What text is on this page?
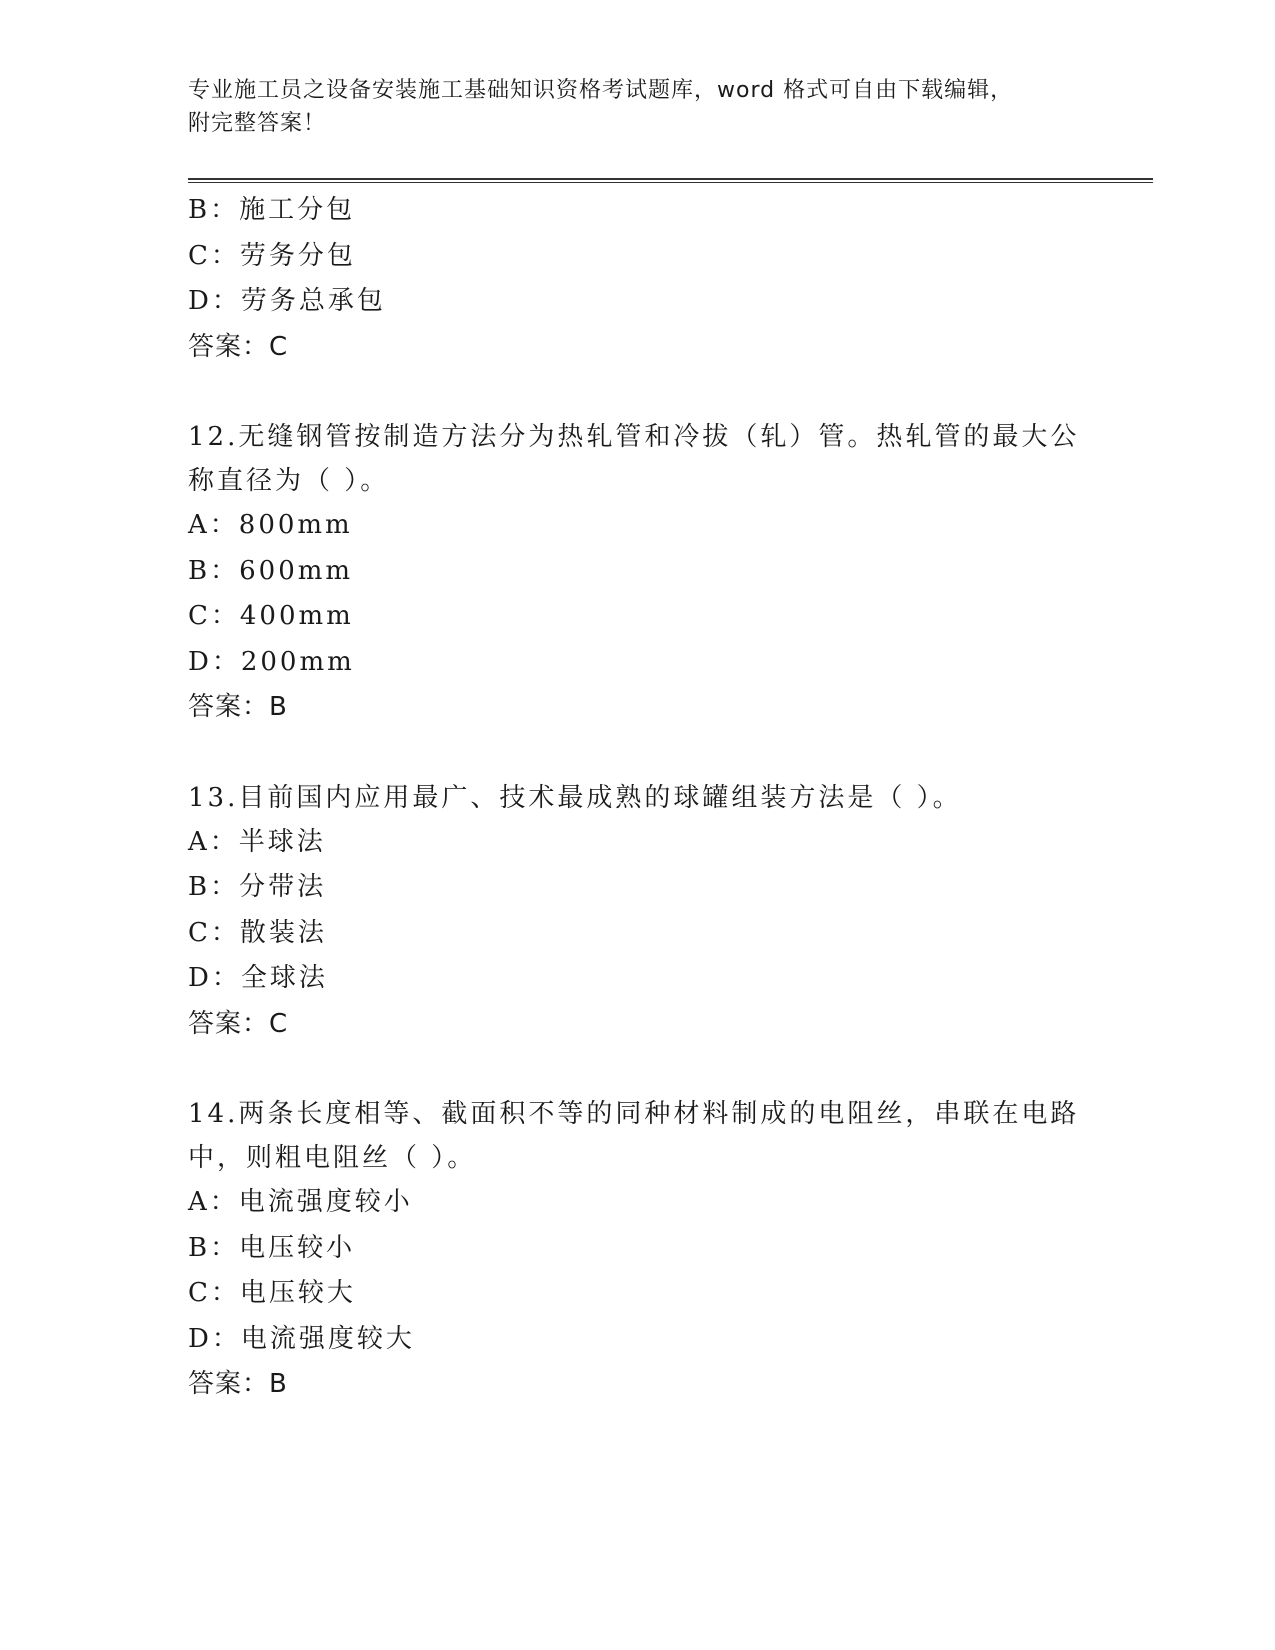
专业施工员之设备安装施工基础知识资格考试题库，word 格式可自由下载编辑，
附完整答案！
B：施工分包
C：劳务分包
D：劳务总承包
答案：C
12.无缝钢管按制造方法分为热轧管和冷拔（轧）管。热轧管的最大公
称直径为（ ）。
A：800mm
B：600mm
C：400mm
D：200mm
答案：B
13.目前国内应用最广、技术最成熟的球罐组装方法是（ ）。
A：半球法
B：分带法
C：散装法
D：全球法
答案：C
14.两条长度相等、截面积不等的同种材料制成的电阻丝，串联在电路
中，则粗电阻丝（ ）。
A：电流强度较小
B：电压较小
C：电压较大
D：电流强度较大
答案：B
